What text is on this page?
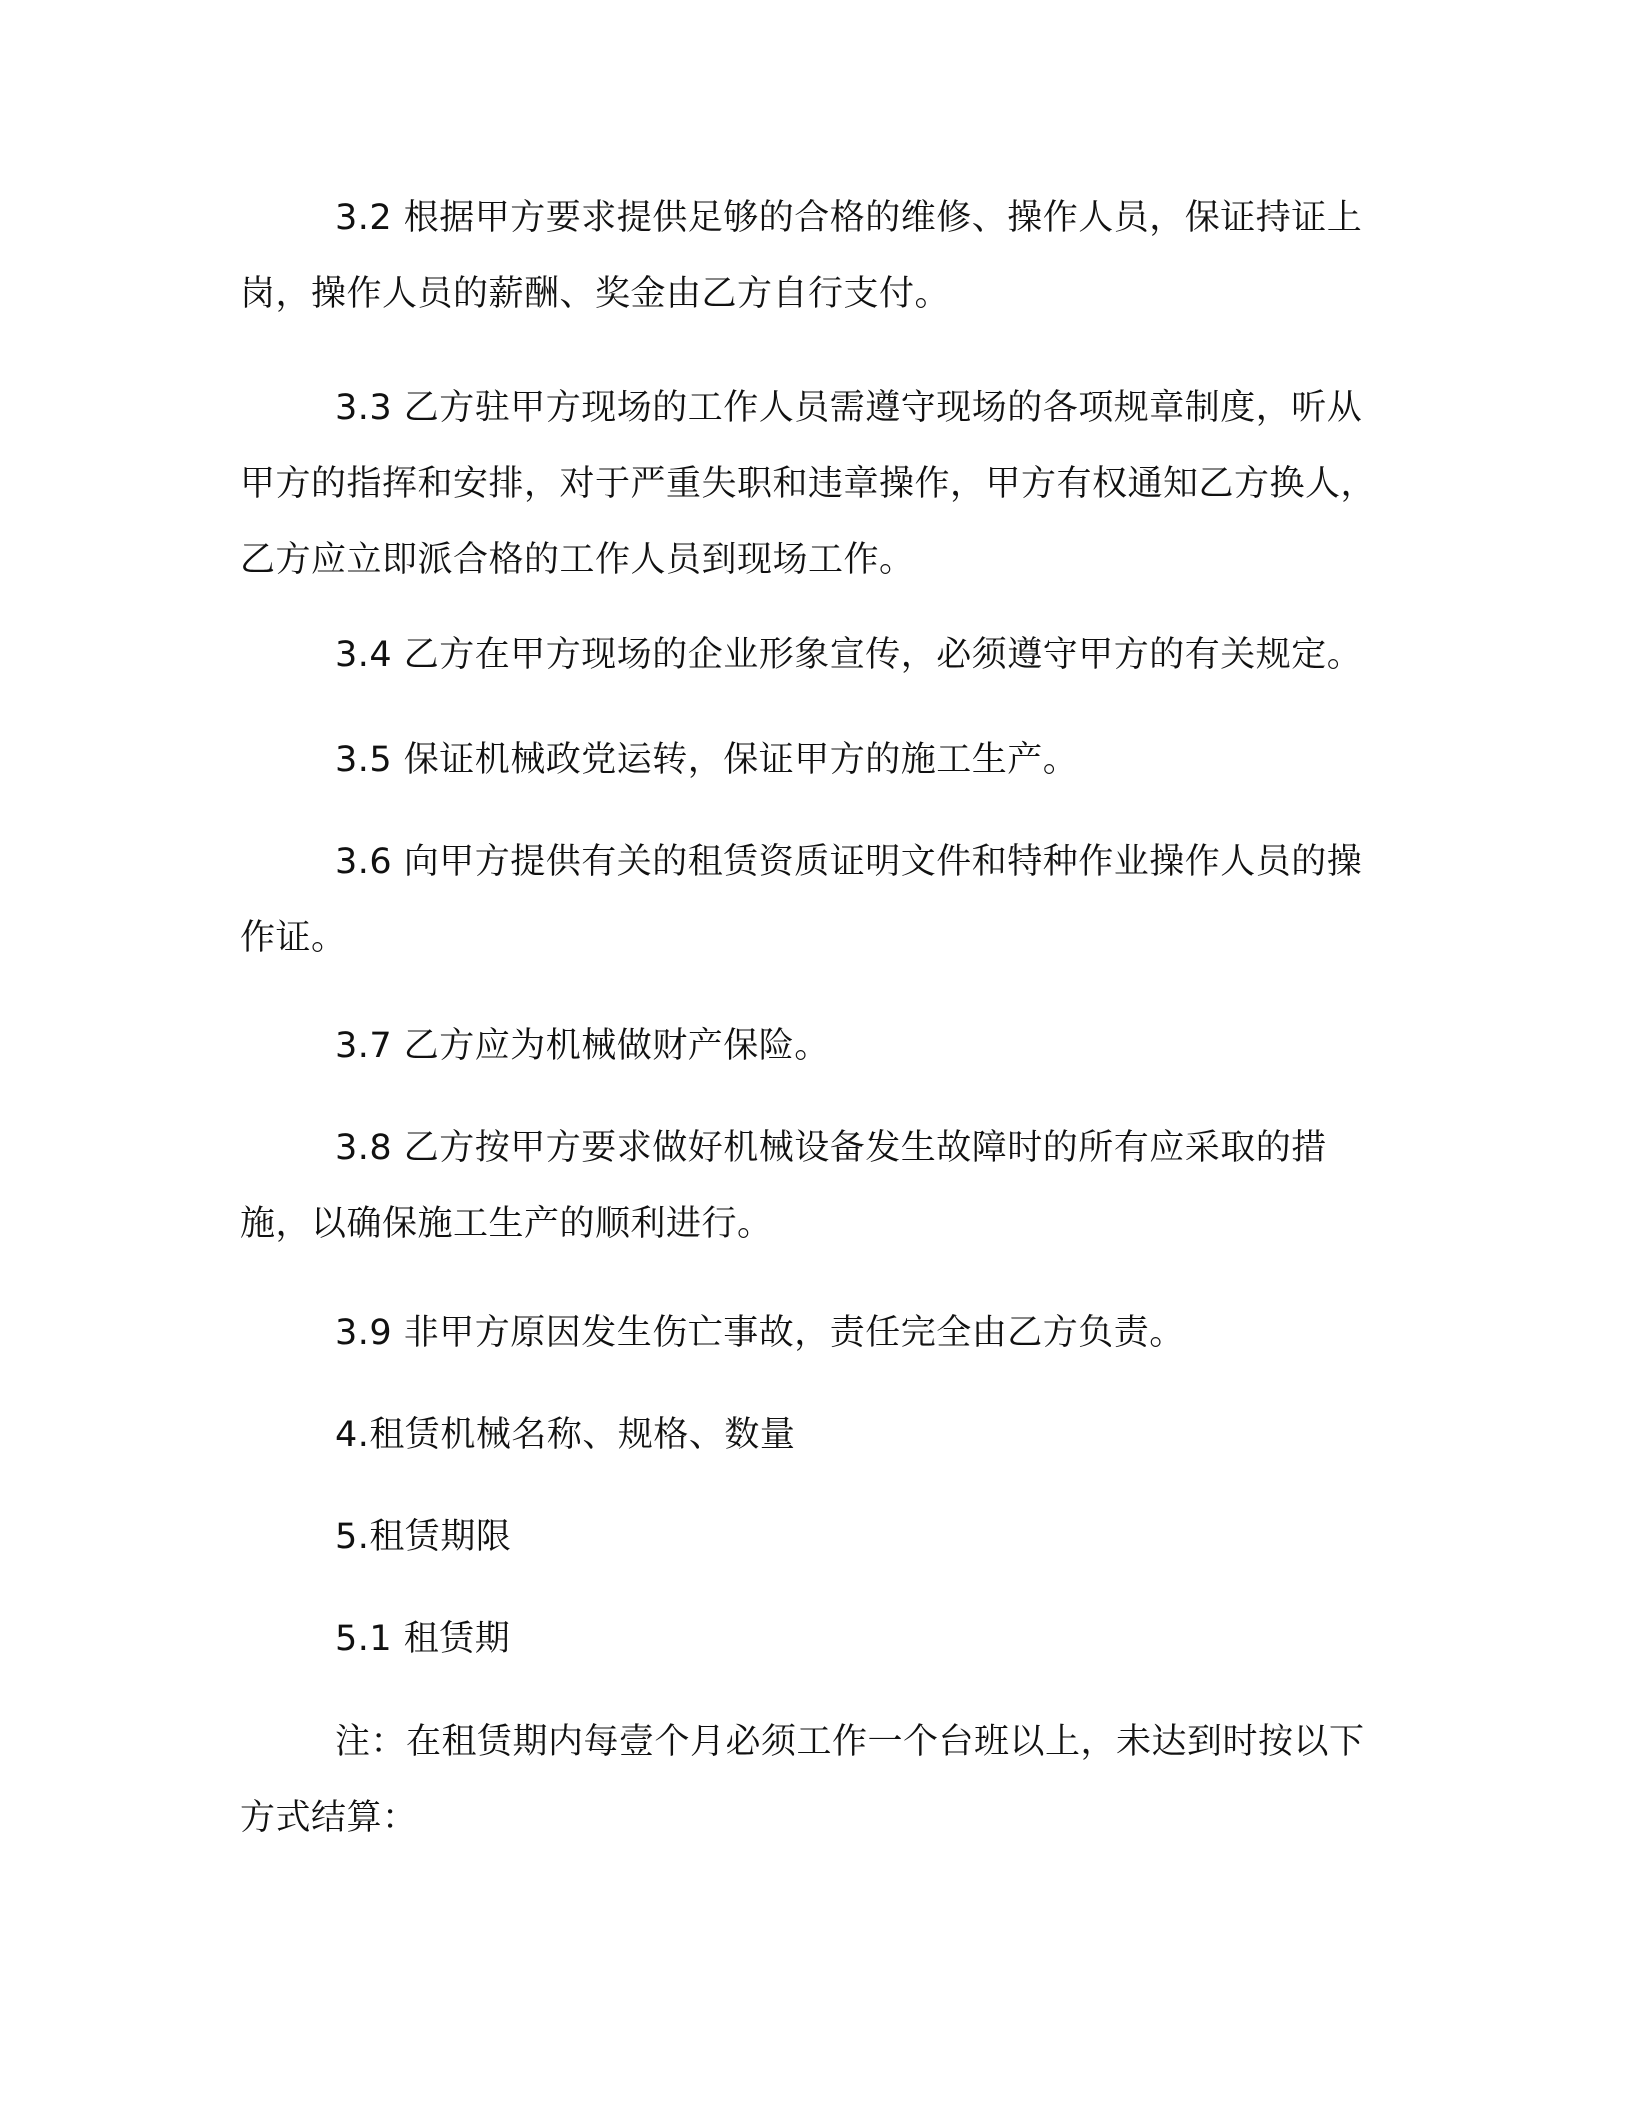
3.2 根据甲方要求提供足够的合格的维修、操作人员，保证持证上岗，操作人员的薪酬、奖金由乙方自行支付。

3.3 乙方驻甲方现场的工作人员需遵守现场的各项规章制度，听从甲方的指挥和安排，对于严重失职和违章操作，甲方有权通知乙方换人，乙方应立即派合格的工作人员到现场工作。

3.4 乙方在甲方现场的企业形象宣传，必须遵守甲方的有关规定。

3.5 保证机械政党运转，保证甲方的施工生产。

3.6 向甲方提供有关的租赁资质证明文件和特种作业操作人员的操作证。

3.7 乙方应为机械做财产保险。

3.8 乙方按甲方要求做好机械设备发生故障时的所有应采取的措施，以确保施工生产的顺利进行。

3.9 非甲方原因发生伤亡事故，责任完全由乙方负责。

4.租赁机械名称、规格、数量

5.租赁期限

5.1 租赁期

注：在租赁期内每壹个月必须工作一个台班以上，未达到时按以下方式结算：
